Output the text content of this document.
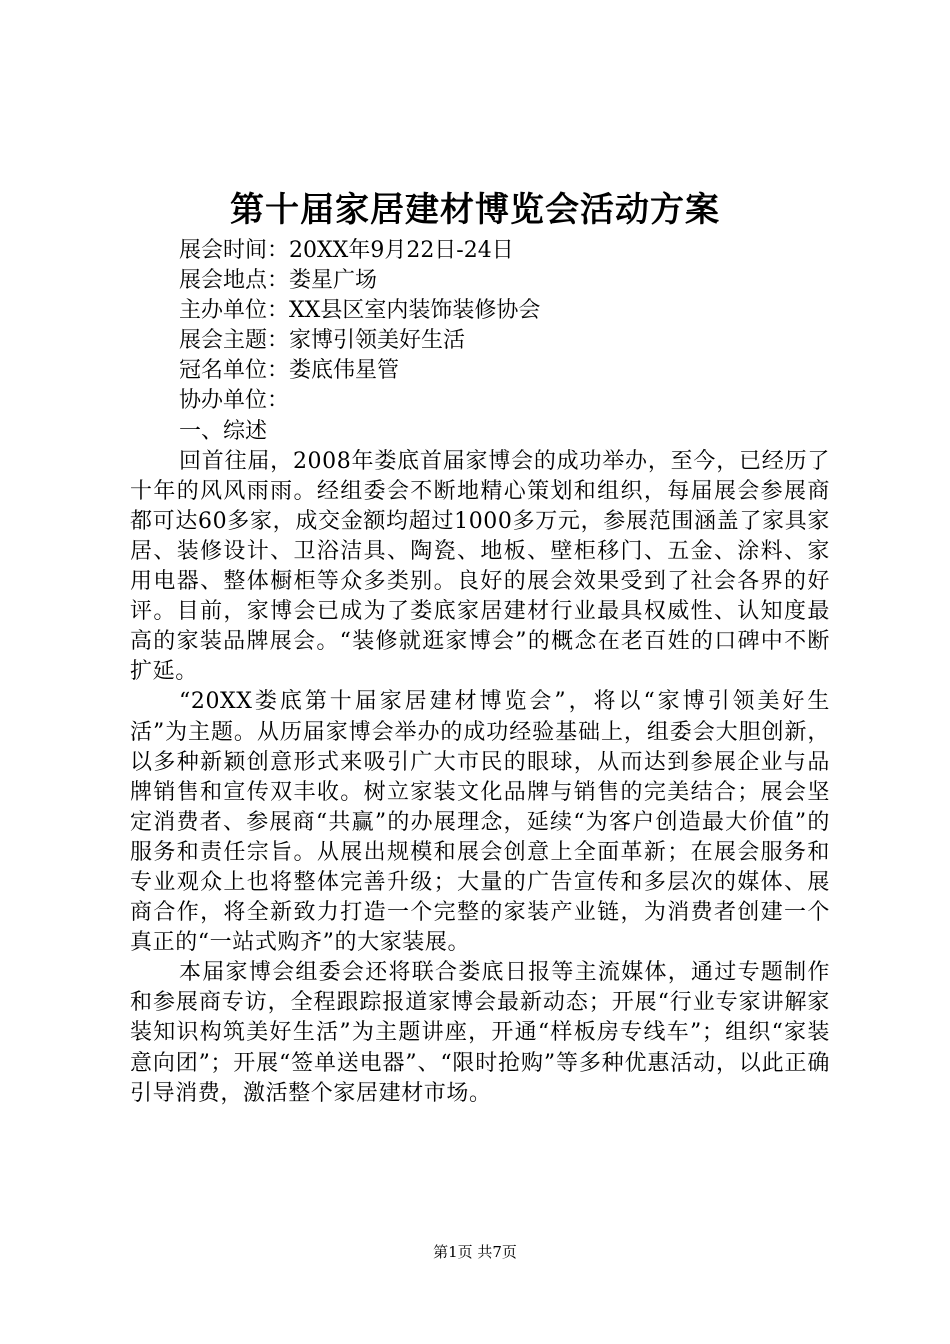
第十届家居建材博览会活动方案

展会时间：20XX年9月22日-24日

展会地点：娄星广场

主办单位：XX县区室内装饰装修协会

展会主题：家博引领美好生活

冠名单位：娄底伟星管

协办单位：

一、综述

回首往届，2008年娄底首届家博会的成功举办，至今，已经历了十年的风风雨雨。经组委会不断地精心策划和组织，每届展会参展商都可达60多家，成交金额均超过1000多万元，参展范围涵盖了家具家居、装修设计、卫浴洁具、陶瓷、地板、壁柜移门、五金、涂料、家用电器、整体橱柜等众多类别。良好的展会效果受到了社会各界的好评。目前，家博会已成为了娄底家居建材行业最具权威性、认知度最高的家装品牌展会。“装修就逛家博会”的概念在老百姓的口碑中不断扩延。

“20XX娄底第十届家居建材博览会”，将以“家博引领美好生活”为主题。从历届家博会举办的成功经验基础上，组委会大胆创新，以多种新颖创意形式来吸引广大市民的眼球，从而达到参展企业与品牌销售和宣传双丰收。树立家装文化品牌与销售的完美结合；展会坚定消费者、参展商“共赢”的办展理念，延续“为客户创造最大价值”的服务和责任宗旨。从展出规模和展会创意上全面革新；在展会服务和专业观众上也将整体完善升级；大量的广告宣传和多层次的媒体、展商合作，将全新致力打造一个完整的家装产业链，为消费者创建一个真正的“一站式购齐”的大家装展。

本届家博会组委会还将联合娄底日报等主流媒体，通过专题制作和参展商专访，全程跟踪报道家博会最新动态；开展“行业专家讲解家装知识构筑美好生活”为主题讲座，开通“样板房专线车”；组织“家装意向团”；开展“签单送电器”、“限时抢购”等多种优惠活动，以此正确引导消费，激活整个家居建材市场。

第1页 共7页
